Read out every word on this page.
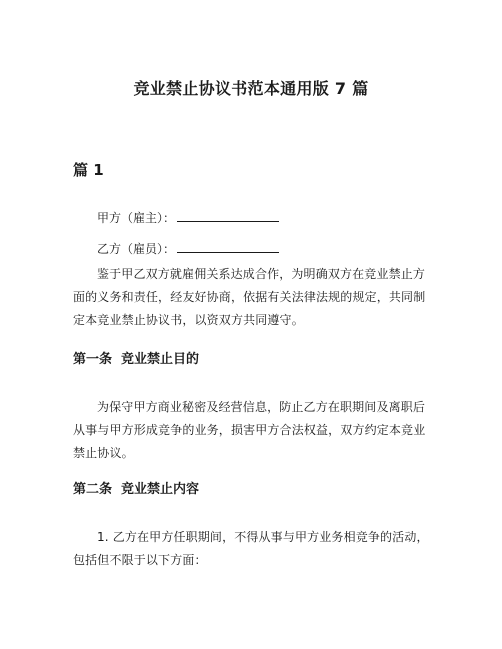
竞业禁止协议书范本通用版 7 篇
篇 1
甲方（雇主）：
乙方（雇员）：
鉴于甲乙双方就雇佣关系达成合作，为明确双方在竞业禁止方面的义务和责任，经友好协商，依据有关法律法规的规定，共同制定本竞业禁止协议书，以资双方共同遵守。
第一条  竞业禁止目的
为保守甲方商业秘密及经营信息，防止乙方在职期间及离职后从事与甲方形成竞争的业务，损害甲方合法权益，双方约定本竞业禁止协议。
第二条  竞业禁止内容
1. 乙方在甲方任职期间，不得从事与甲方业务相竞争的活动，包括但不限于以下方面：
